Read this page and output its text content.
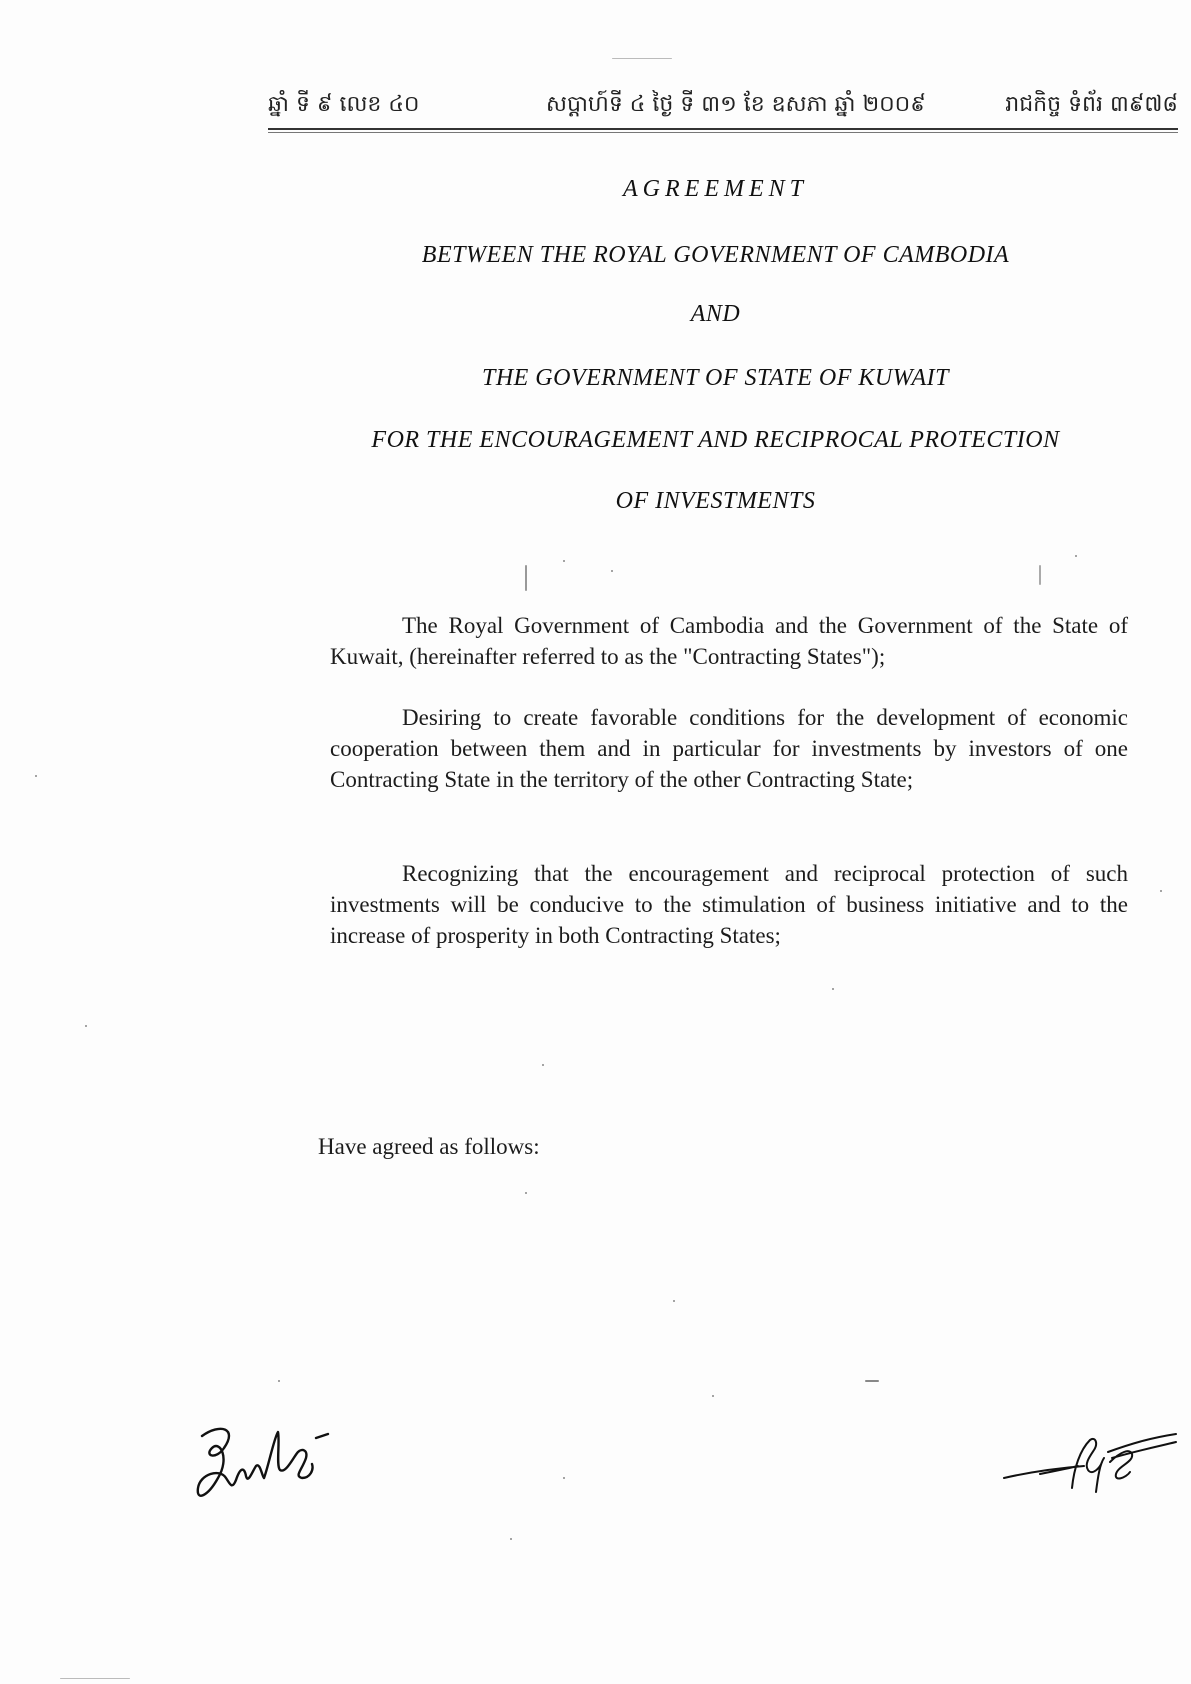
ឆ្នាំ ទី ៩ លេខ ៤០	សប្តាហ៍ទី ៤ ថ្ងៃ ទី ៣១ ខែ ឧសភា ឆ្នាំ ២០០៩	រាជកិច្ច ទំព័រ ៣៩៧៨
AGREEMENT
BETWEEN THE ROYAL GOVERNMENT OF CAMBODIA
AND
THE GOVERNMENT OF STATE OF KUWAIT
FOR THE ENCOURAGEMENT AND RECIPROCAL PROTECTION
OF INVESTMENTS
The Royal Government of Cambodia and the Government of the State of Kuwait, (hereinafter referred to as the "Contracting States");
Desiring to create favorable conditions for the development of economic cooperation between them and in particular for investments by investors of one Contracting State in the territory of the other Contracting State;
Recognizing that the encouragement and reciprocal protection of such investments will be conducive to the stimulation of business initiative and to the increase of prosperity in both Contracting States;
Have agreed as follows:
